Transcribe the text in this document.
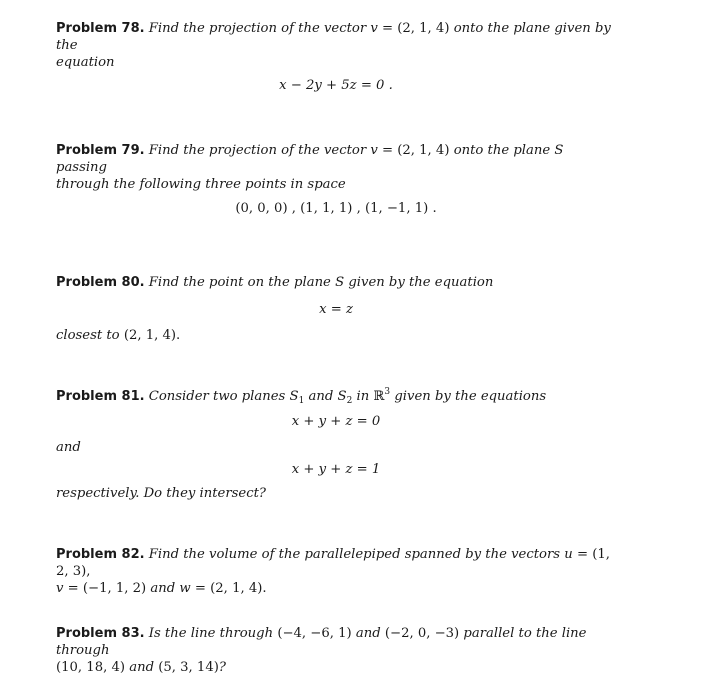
Problem 78. Find the projection of the vector v = (2, 1, 4) onto the plane given by the
equation
x − 2y + 5z = 0 .
Problem 79. Find the projection of the vector v = (2, 1, 4) onto the plane S passing
through the following three points in space
(0, 0, 0) , (1, 1, 1) , (1, −1, 1) .
Problem 80. Find the point on the plane S given by the equation
x = z
closest to (2, 1, 4).
Problem 81. Consider two planes $S_1$ and $S_2$ in ℝ$^3$ given by the equations
x + y + z = 0
and
x + y + z = 1
respectively. Do they intersect?
Problem 82. Find the volume of the parallelepiped spanned by the vectors u = (1, 2, 3),
v = (−1, 1, 2) and w = (2, 1, 4).
Problem 83. Is the line through (−4, −6, 1) and (−2, 0, −3) parallel to the line through
(10, 18, 4) and (5, 3, 14)?
